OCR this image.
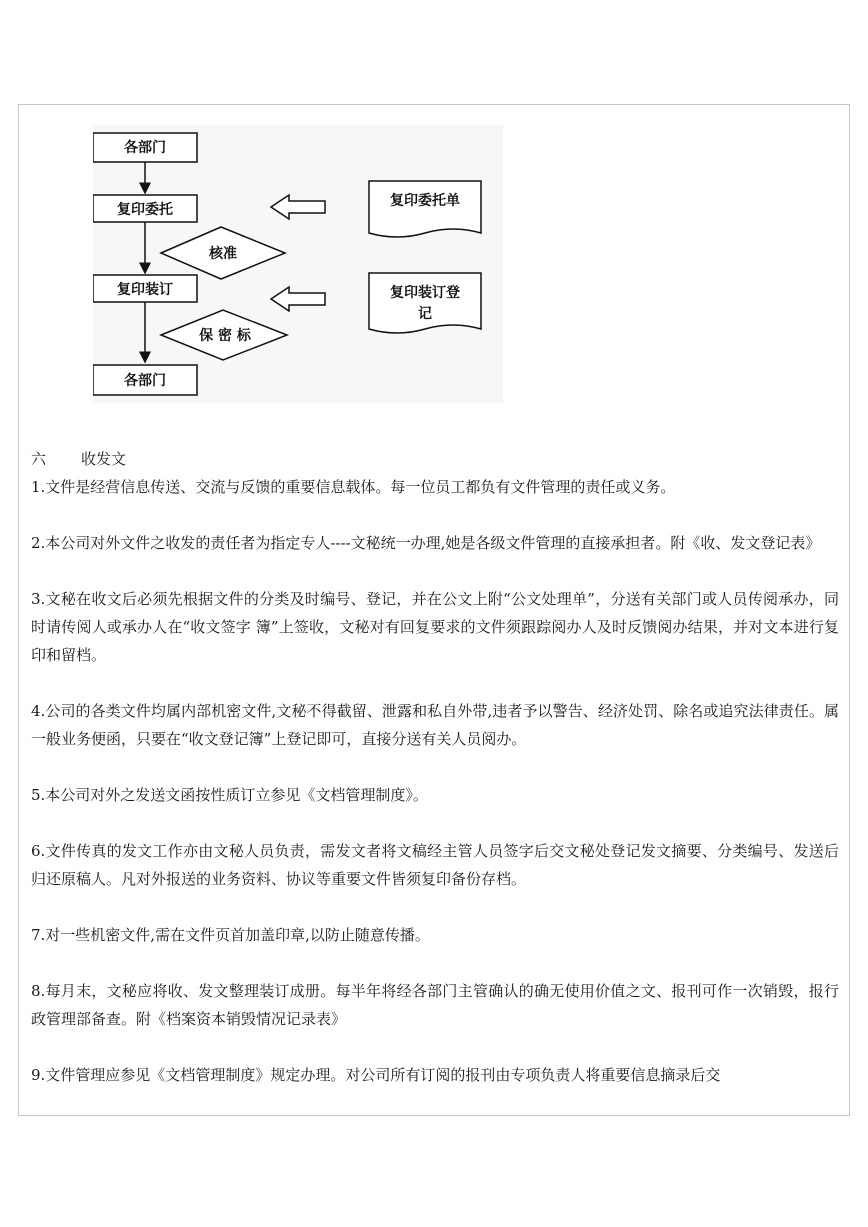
各部门
复印委托
复印装订
各部门
核准
保 密 标
复印委托单
复印装订登
记
六 收发文

1.文件是经营信息传送、交流与反馈的重要信息载体。每一位员工都负有文件管理的责任或义务。

2.本公司对外文件之收发的责任者为指定专人----文秘统一办理,她是各级文件管理的直接承担者。附《收、发文登记表》

3.文秘在收文后必须先根据文件的分类及时编号、登记，并在公文上附“公文处理单”，分送有关部门或人员传阅承办，同时请传阅人或承办人在“收文签字 簿”上签收，文秘对有回复要求的文件须跟踪阅办人及时反馈阅办结果，并对文本进行复印和留档。

4.公司的各类文件均属内部机密文件,文秘不得截留、泄露和私自外带,违者予以警告、经济处罚、除名或追究法律责任。属一般业务便函，只要在“收文登记簿”上登记即可，直接分送有关人员阅办。

5.本公司对外之发送文函按性质订立参见《文档管理制度》。

6.文件传真的发文工作亦由文秘人员负责，需发文者将文稿经主管人员签字后交文秘处登记发文摘要、分类编号、发送后归还原稿人。凡对外报送的业务资料、协议等重要文件皆须复印备份存档。

7.对一些机密文件,需在文件页首加盖印章,以防止随意传播。

8.每月末，文秘应将收、发文整理装订成册。每半年将经各部门主管确认的确无使用价值之文、报刊可作一次销毁，报行政管理部备查。附《档案资本销毁情况记录表》

9.文件管理应参见《文档管理制度》规定办理。对公司所有订阅的报刊由专项负责人将重要信息摘录后交
